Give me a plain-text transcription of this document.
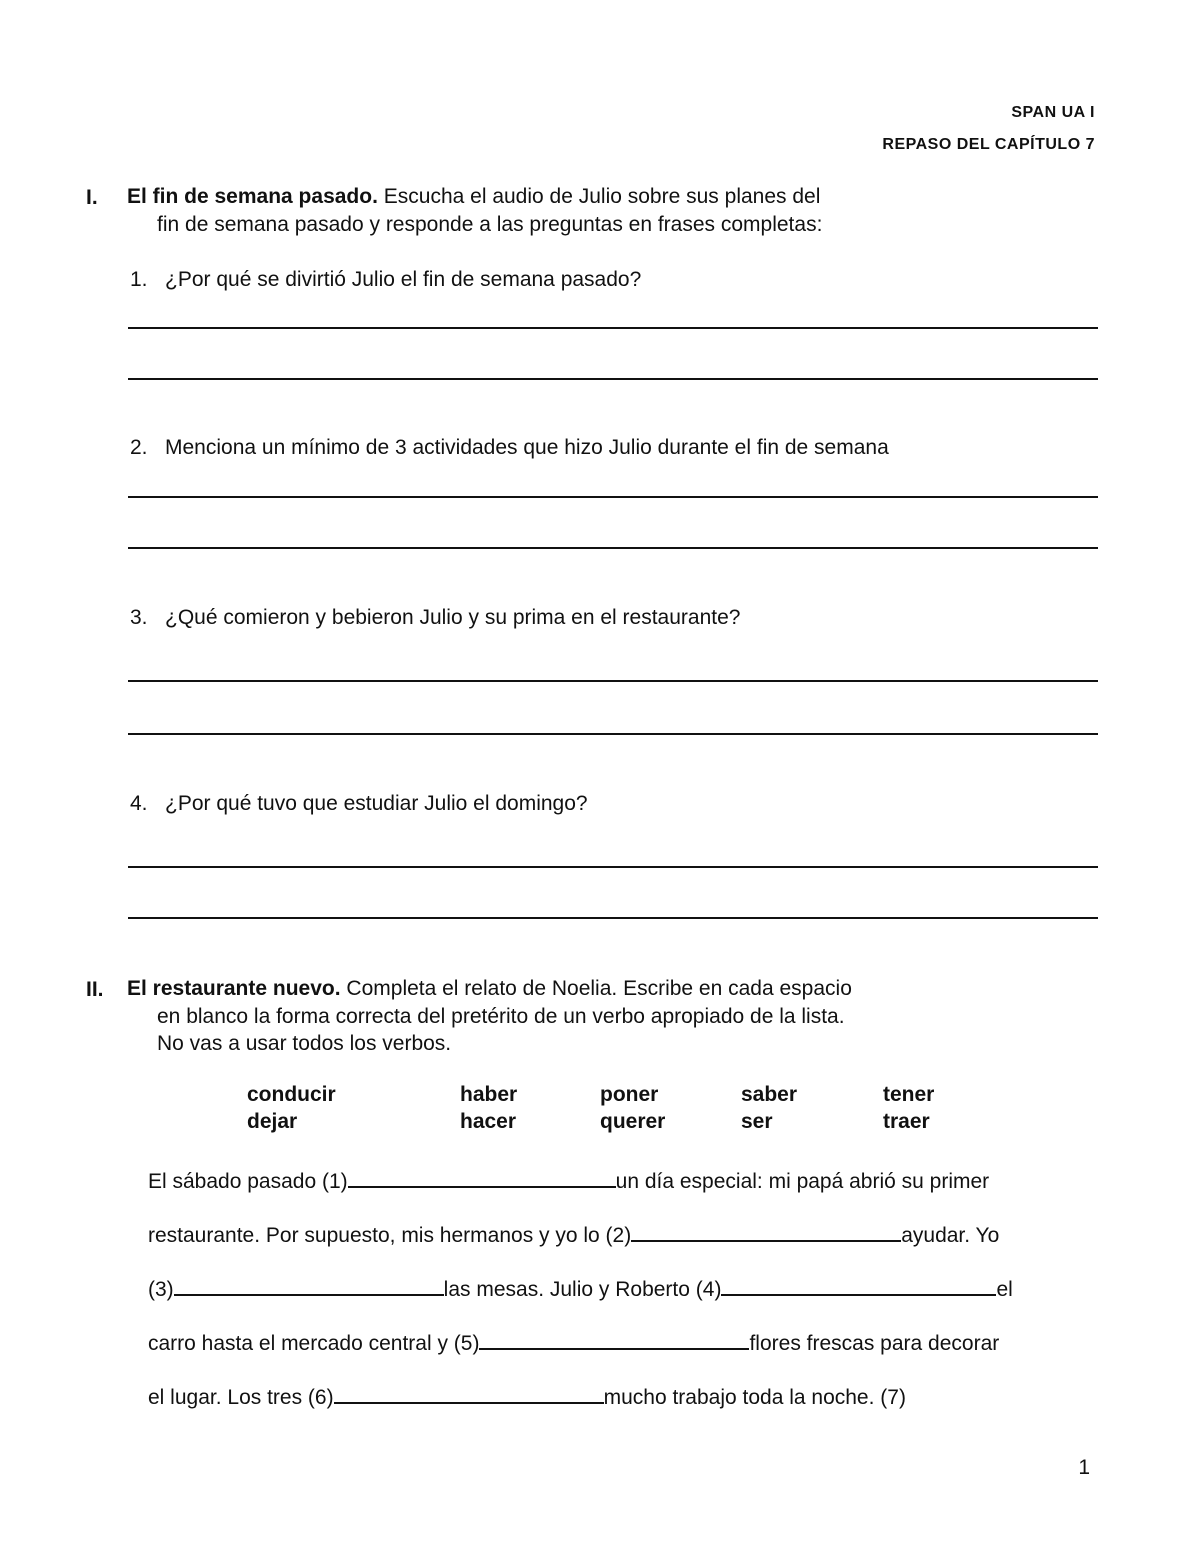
SPAN UA I
REPASO DEL CAPÍTULO 7
I. El fin de semana pasado. Escucha el audio de Julio sobre sus planes del
fin de semana pasado y responde a las preguntas en frases completas:
1. ¿Por qué se divirtió Julio el fin de semana pasado?
2. Menciona un mínimo de 3 actividades que hizo Julio durante el fin de semana
3. ¿Qué comieron y bebieron Julio y su prima en el restaurante?
4. ¿Por qué tuvo que estudiar Julio el domingo?
II. El restaurante nuevo. Completa el relato de Noelia. Escribe en cada espacio
en blanco la forma correcta del pretérito de un verbo apropiado de la lista.
No vas a usar todos los verbos.
conducir	haber	poner	saber	tener
dejar	hacer	querer	ser	traer
El sábado pasado (1)	un día especial: mi papá abrió su primer
restaurante. Por supuesto, mis hermanos y yo lo (2)	ayudar. Yo
(3)	las mesas. Julio y Roberto (4)	el
carro hasta el mercado central y (5)	flores frescas para decorar
el lugar. Los tres (6)	mucho trabajo toda la noche. (7)
1
